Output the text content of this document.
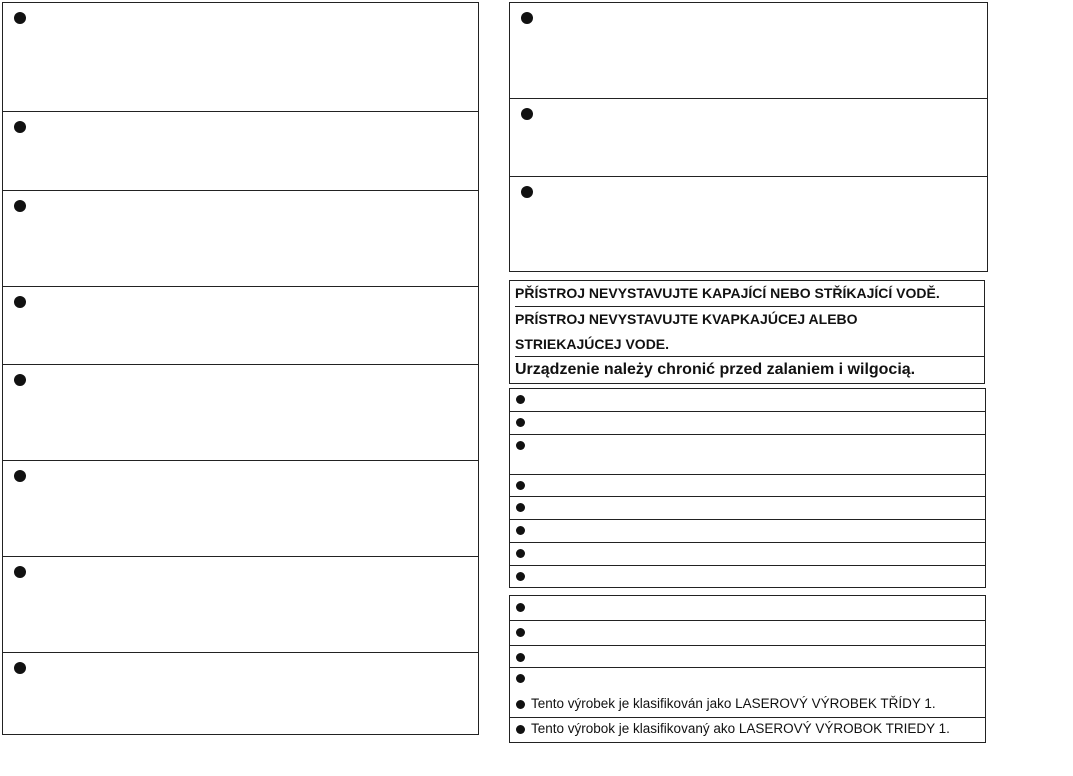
PŘÍSTROJ NEVYSTAVUJTE KAPAJÍCÍ NEBO STŘÍKAJÍCÍ VODĚ.
PRÍSTROJ NEVYSTAVUJTE KVAPKAJÚCEJ ALEBO
STRIEKAJÚCEJ VODE.
Urządzenie należy chronić przed zalaniem i wilgocią.
Tento výrobek je klasifikován jako LASEROVÝ VÝROBEK TŘÍDY 1.
Tento výrobok je klasifikovaný ako LASEROVÝ VÝROBOK TRIEDY 1.
